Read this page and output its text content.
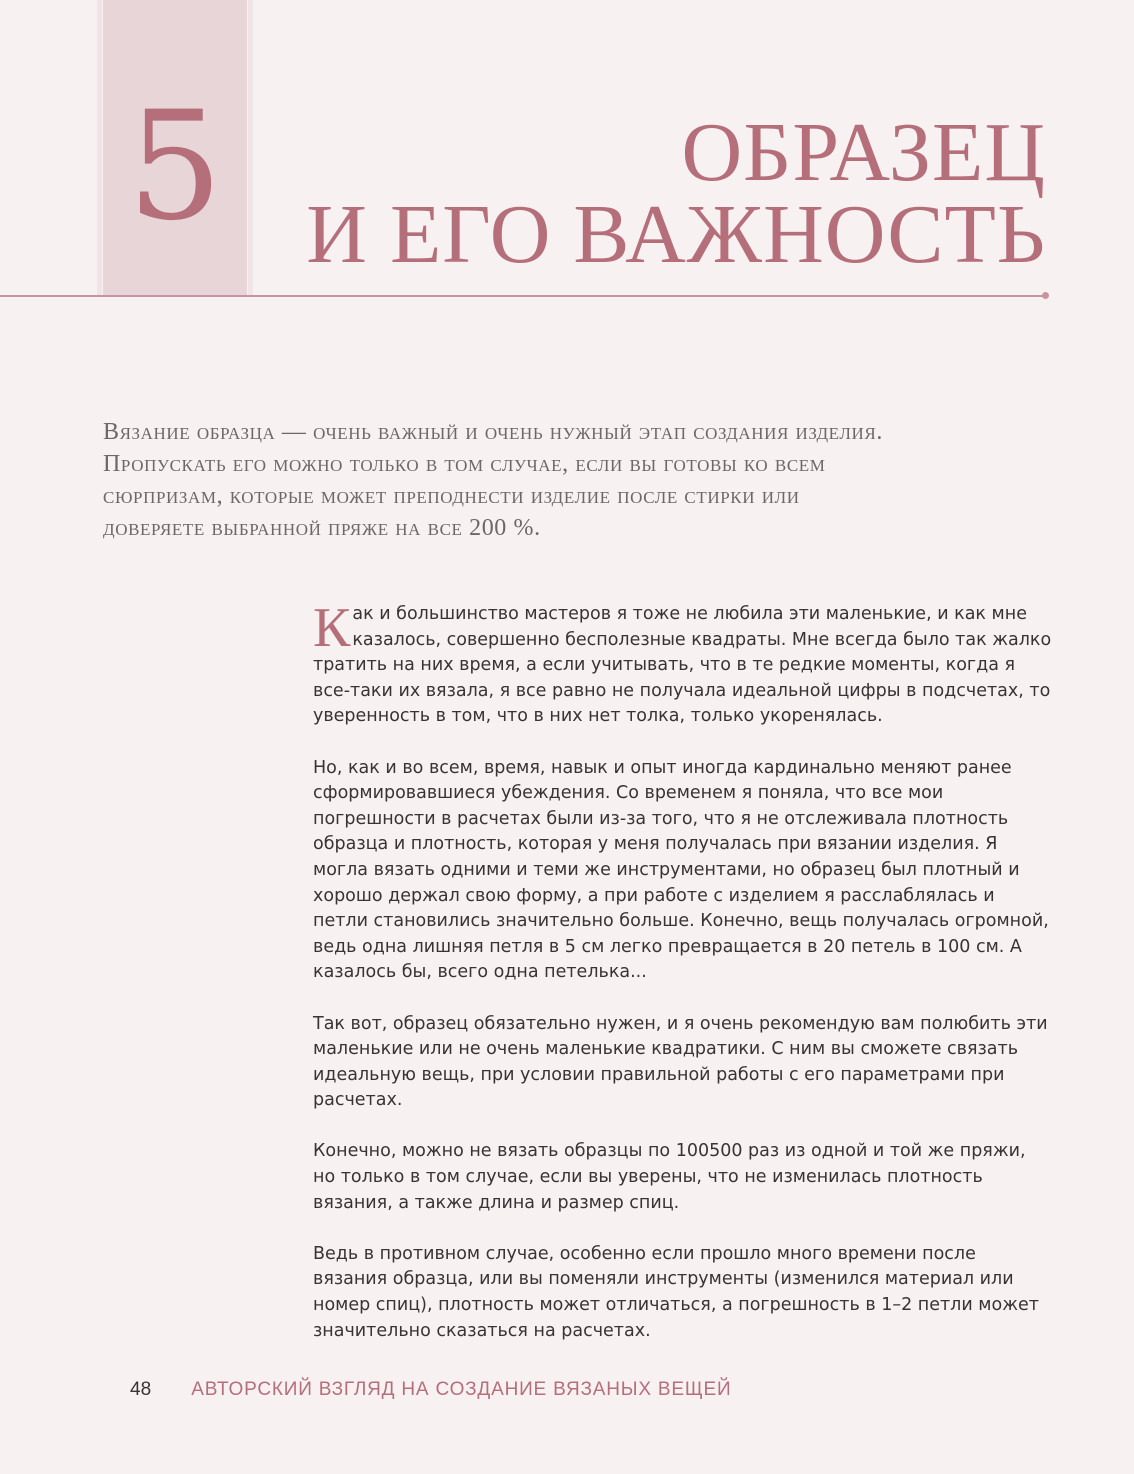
5	ОБРАЗЕЦ
И ЕГО ВАЖНОСТЬ
Вязание образца — очень важный и очень нужный этап создания изделия. Пропускать его можно только в том случае, если вы готовы ко всем сюрпризам, которые может преподнести изделие после стирки или доверяете выбранной пряже на все 200 %.

Как и большинство мастеров я тоже не любила эти маленькие, и как мне казалось, совершенно бесполезные квадраты. Мне всегда было так жалко тратить на них время, а если учитывать, что в те редкие моменты, когда я все-таки их вязала, я все равно не получала идеальной цифры в подсчетах, то уверенность в том, что в них нет толка, только укоренялась.

Но, как и во всем, время, навык и опыт иногда кардинально меняют ранее сформировавшиеся убеждения. Со временем я поняла, что все мои погрешности в расчетах были из-за того, что я не отслеживала плотность образца и плотность, которая у меня получалась при вязании изделия. Я могла вязать одними и теми же инструментами, но образец был плотный и хорошо держал свою форму, а при работе с изделием я расслаблялась и петли становились значительно больше. Конечно, вещь получалась огромной, ведь одна лишняя петля в 5 см легко превращается в 20 петель в 100 см. А казалось бы, всего одна петелька...

Так вот, образец обязательно нужен, и я очень рекомендую вам полюбить эти маленькие или не очень маленькие квадратики. С ним вы сможете связать идеальную вещь, при условии правильной работы с его параметрами при расчетах.

Конечно, можно не вязать образцы по 100500 раз из одной и той же пряжи, но только в том случае, если вы уверены, что не изменилась плотность вязания, а также длина и размер спиц.

Ведь в противном случае, особенно если прошло много времени после вязания образца, или вы поменяли инструменты (изменился материал или номер спиц), плотность может отличаться, а погрешность в 1–2 петли может значительно сказаться на расчетах.

48 АВТОРСКИЙ ВЗГЛЯД НА СОЗДАНИЕ ВЯЗАНЫХ ВЕЩЕЙ
